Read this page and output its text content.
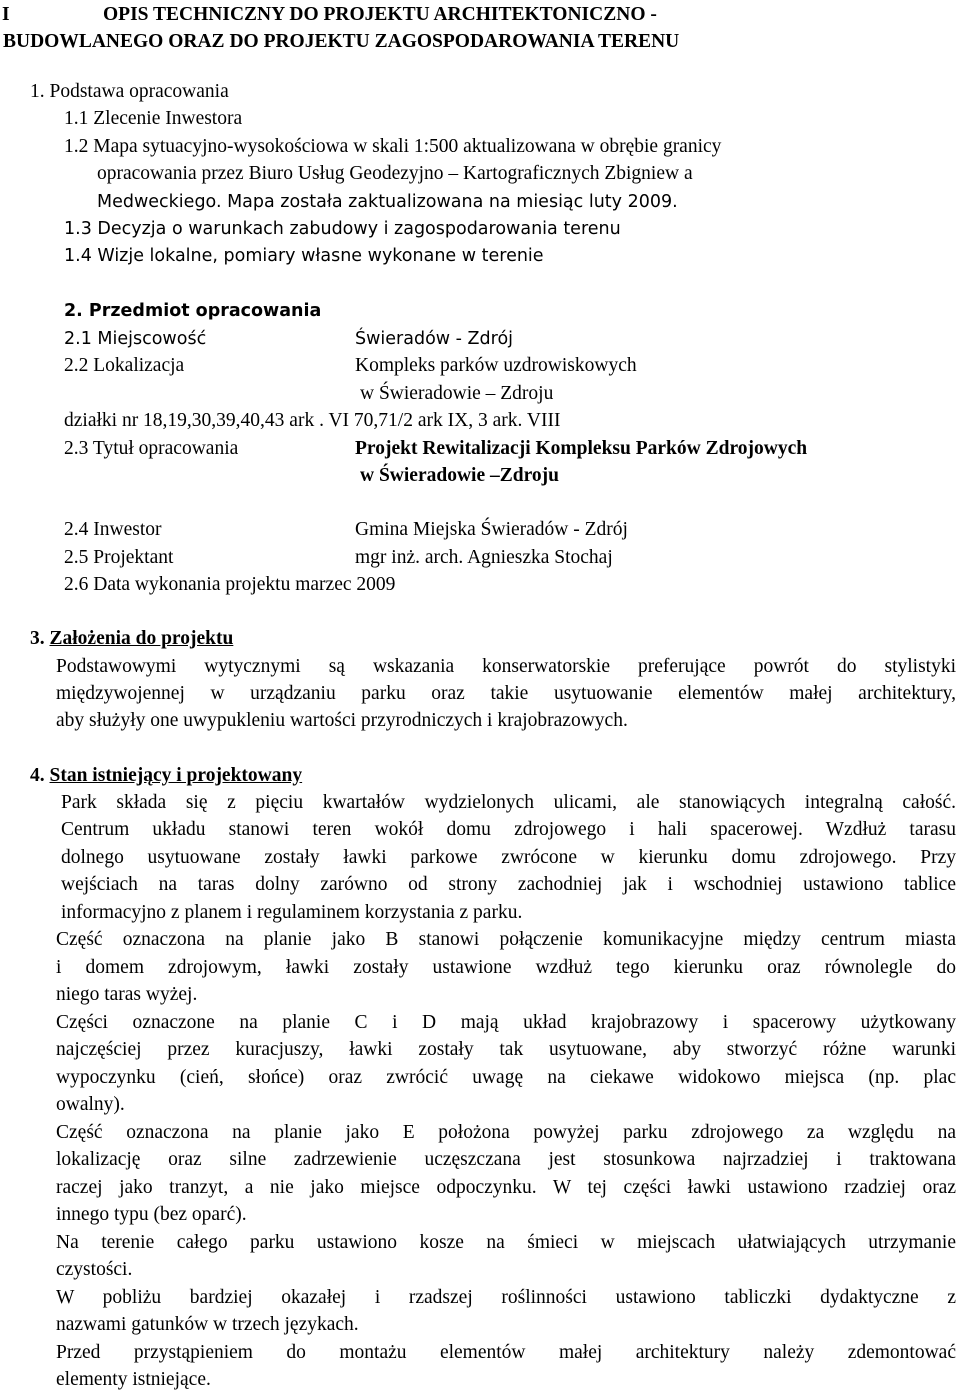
I	OPIS TECHNICZNY DO PROJEKTU ARCHITEKTONICZNO -
BUDOWLANEGO ORAZ DO PROJEKTU ZAGOSPODAROWANIA TERENU
1. Podstawa opracowania
1.1 Zlecenie Inwestora
1.2 Mapa sytuacyjno-wysokościowa w skali 1:500 aktualizowana w obrębie granicy
opracowania przez Biuro Usług Geodezyjno – Kartograficznych Zbigniew a
Medweckiego. Mapa została zaktualizowana na miesiąc luty 2009.
1.3 Decyzja o warunkach zabudowy i zagospodarowania terenu
1.4 Wizje lokalne, pomiary własne wykonane w terenie
2. Przedmiot opracowania
2.1 Miejscowość	Świeradów - Zdrój
2.2 Lokalizacja	Kompleks parków uzdrowiskowych
w Świeradowie – Zdroju
działki nr 18,19,30,39,40,43 ark . VI 70,71/2 ark IX, 3 ark. VIII
2.3 Tytuł opracowania	Projekt Rewitalizacji Kompleksu Parków Zdrojowych
w Świeradowie –Zdroju
2.4 Inwestor	Gmina Miejska Świeradów - Zdrój
2.5 Projektant	mgr inż. arch. Agnieszka Stochaj
2.6 Data wykonania projektu marzec 2009
3. Założenia do projektu
Podstawowymi wytycznymi są wskazania konserwatorskie preferujące powrót do stylistyki
międzywojennej w urządzaniu parku oraz takie usytuowanie elementów małej architektury,
aby służyły one uwypukleniu wartości przyrodniczych i krajobrazowych.
4. Stan istniejący i projektowany
Park składa się z pięciu kwartałów wydzielonych ulicami, ale stanowiących integralną całość.
Centrum układu stanowi teren wokół domu zdrojowego i hali spacerowej. Wzdłuż tarasu
dolnego usytuowane zostały ławki parkowe zwrócone w kierunku domu zdrojowego. Przy
wejściach na taras dolny zarówno od strony zachodniej jak i wschodniej ustawiono tablice
informacyjno z planem i regulaminem korzystania z parku.
Część oznaczona na planie jako B stanowi połączenie komunikacyjne między centrum miasta
i domem zdrojowym, ławki zostały ustawione wzdłuż tego kierunku oraz równolegle do
niego taras wyżej.
Części oznaczone na planie C i D mają układ krajobrazowy i spacerowy użytkowany
najczęściej przez kuracjuszy, ławki zostały tak usytuowane, aby stworzyć różne warunki
wypoczynku (cień, słońce) oraz zwrócić uwagę na ciekawe widokowo miejsca (np. plac
owalny).
Część oznaczona na planie jako E położona powyżej parku zdrojowego za względu na
lokalizację oraz silne zadrzewienie uczęszczana jest stosunkowa najrzadziej i traktowana
raczej jako tranzyt, a nie jako miejsce odpoczynku. W tej części ławki ustawiono rzadziej oraz
innego typu (bez oparć).
Na terenie całego parku ustawiono kosze na śmieci w miejscach ułatwiających utrzymanie
czystości.
W pobliżu bardziej okazałej i rzadszej roślinności ustawiono tabliczki dydaktyczne z
nazwami gatunków w trzech językach.
Przed przystąpieniem do montażu elementów małej architektury należy zdemontować
elementy istniejące.
